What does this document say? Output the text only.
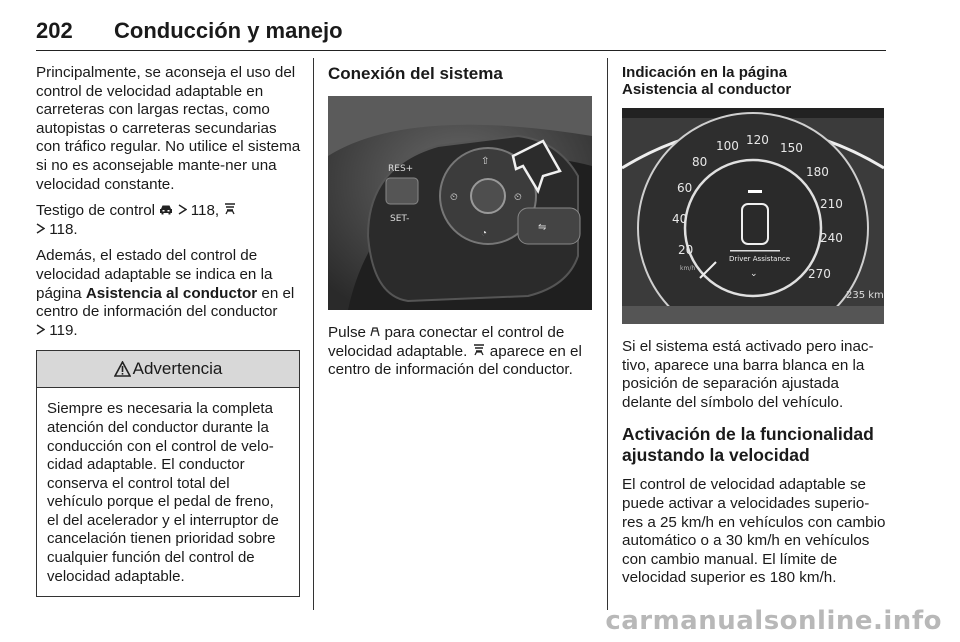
202 Conducción y manejo

Principalmente, se aconseja el uso del control de velocidad adaptable en carreteras con largas rectas, como autopistas o carreteras secundarias con tráfico regular. No utilice el sistema si no es aconsejable mante-ner una velocidad constante.

Testigo de control   118,
118.

Además, el estado del control de velocidad adaptable se indica en la página Asistencia al conductor en el centro de información del conductor
119.

Advertencia
Siempre es necesaria la completa atención del conductor durante la conducción con el control de velo-cidad adaptable. El conductor conserva el control total del vehículo porque el pedal de freno, el del acelerador y el interruptor de cancelación tienen prioridad sobre cualquier función del control de velocidad adaptable.
Conexión del sistema
RES+
SET-
⏲	⏲
⇧
◔
⇋

Pulse  para conectar el control de velocidad adaptable.  aparece en el centro de información del conductor.

Indicación en la página Asistencia al conductor
20
40
60
80
100 120
150
180
210
240
270
km/h
Driver Assistance
⌄
235 km

Si el sistema está activado pero inac-tivo, aparece una barra blanca en la posición de separación ajustada delante del símbolo del vehículo.

Activación de la funcionalidad ajustando la velocidad

El control de velocidad adaptable se puede activar a velocidades superio-res a 25 km/h en vehículos con cambio automático o a 30 km/h en vehículos con cambio manual. El límite de velocidad superior es 180 km/h.

carmanualsonline.info
